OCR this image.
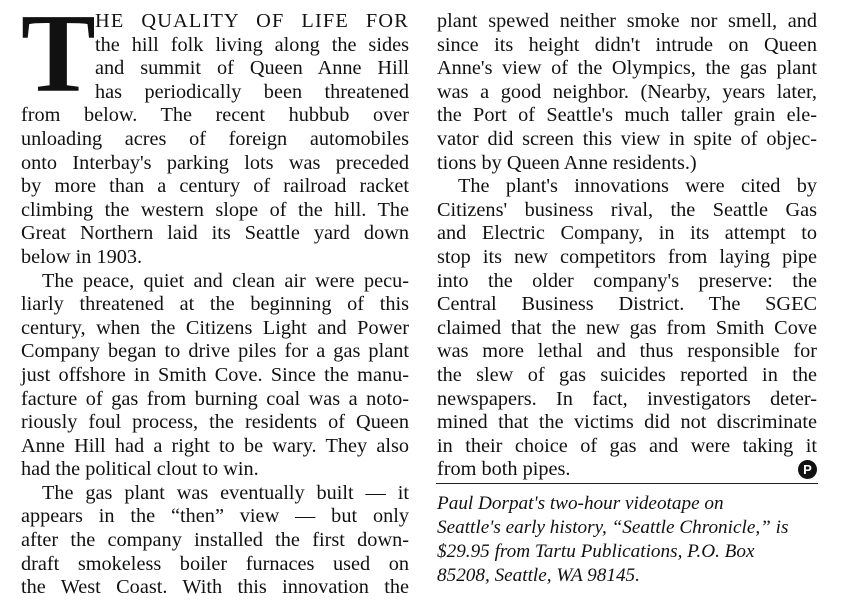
T HE QUALITY OF LIFE FOR
the hill folk living along the sides
and summit of Queen Anne Hill
has periodically been threatened
from below. The recent hubbub over
unloading acres of foreign automobiles
onto Interbay's parking lots was preceded
by more than a century of railroad racket
climbing the western slope of the hill. The
Great Northern laid its Seattle yard down
below in 1903.
The peace, quiet and clean air were pecu-
liarly threatened at the beginning of this
century, when the Citizens Light and Power
Company began to drive piles for a gas plant
just offshore in Smith Cove. Since the manu-
facture of gas from burning coal was a noto-
riously foul process, the residents of Queen
Anne Hill had a right to be wary. They also
had the political clout to win.
The gas plant was eventually built — it
appears in the “then” view — but only
after the company installed the first down-
draft smokeless boiler furnaces used on
the West Coast. With this innovation the
plant spewed neither smoke nor smell, and
since its height didn't intrude on Queen
Anne's view of the Olympics, the gas plant
was a good neighbor. (Nearby, years later,
the Port of Seattle's much taller grain ele-
vator did screen this view in spite of objec-
tions by Queen Anne residents.)
The plant's innovations were cited by
Citizens' business rival, the Seattle Gas
and Electric Company, in its attempt to
stop its new competitors from laying pipe
into the older company's preserve: the
Central Business District. The SGEC
claimed that the new gas from Smith Cove
was more lethal and thus responsible for
the slew of gas suicides reported in the
newspapers. In fact, investigators deter-
mined that the victims did not discriminate
in their choice of gas and were taking it
from both pipes.	P
Paul Dorpat's two-hour videotape on
Seattle's early history, “Seattle Chronicle,” is
$29.95 from Tartu Publications, P.O. Box
85208, Seattle, WA 98145.
